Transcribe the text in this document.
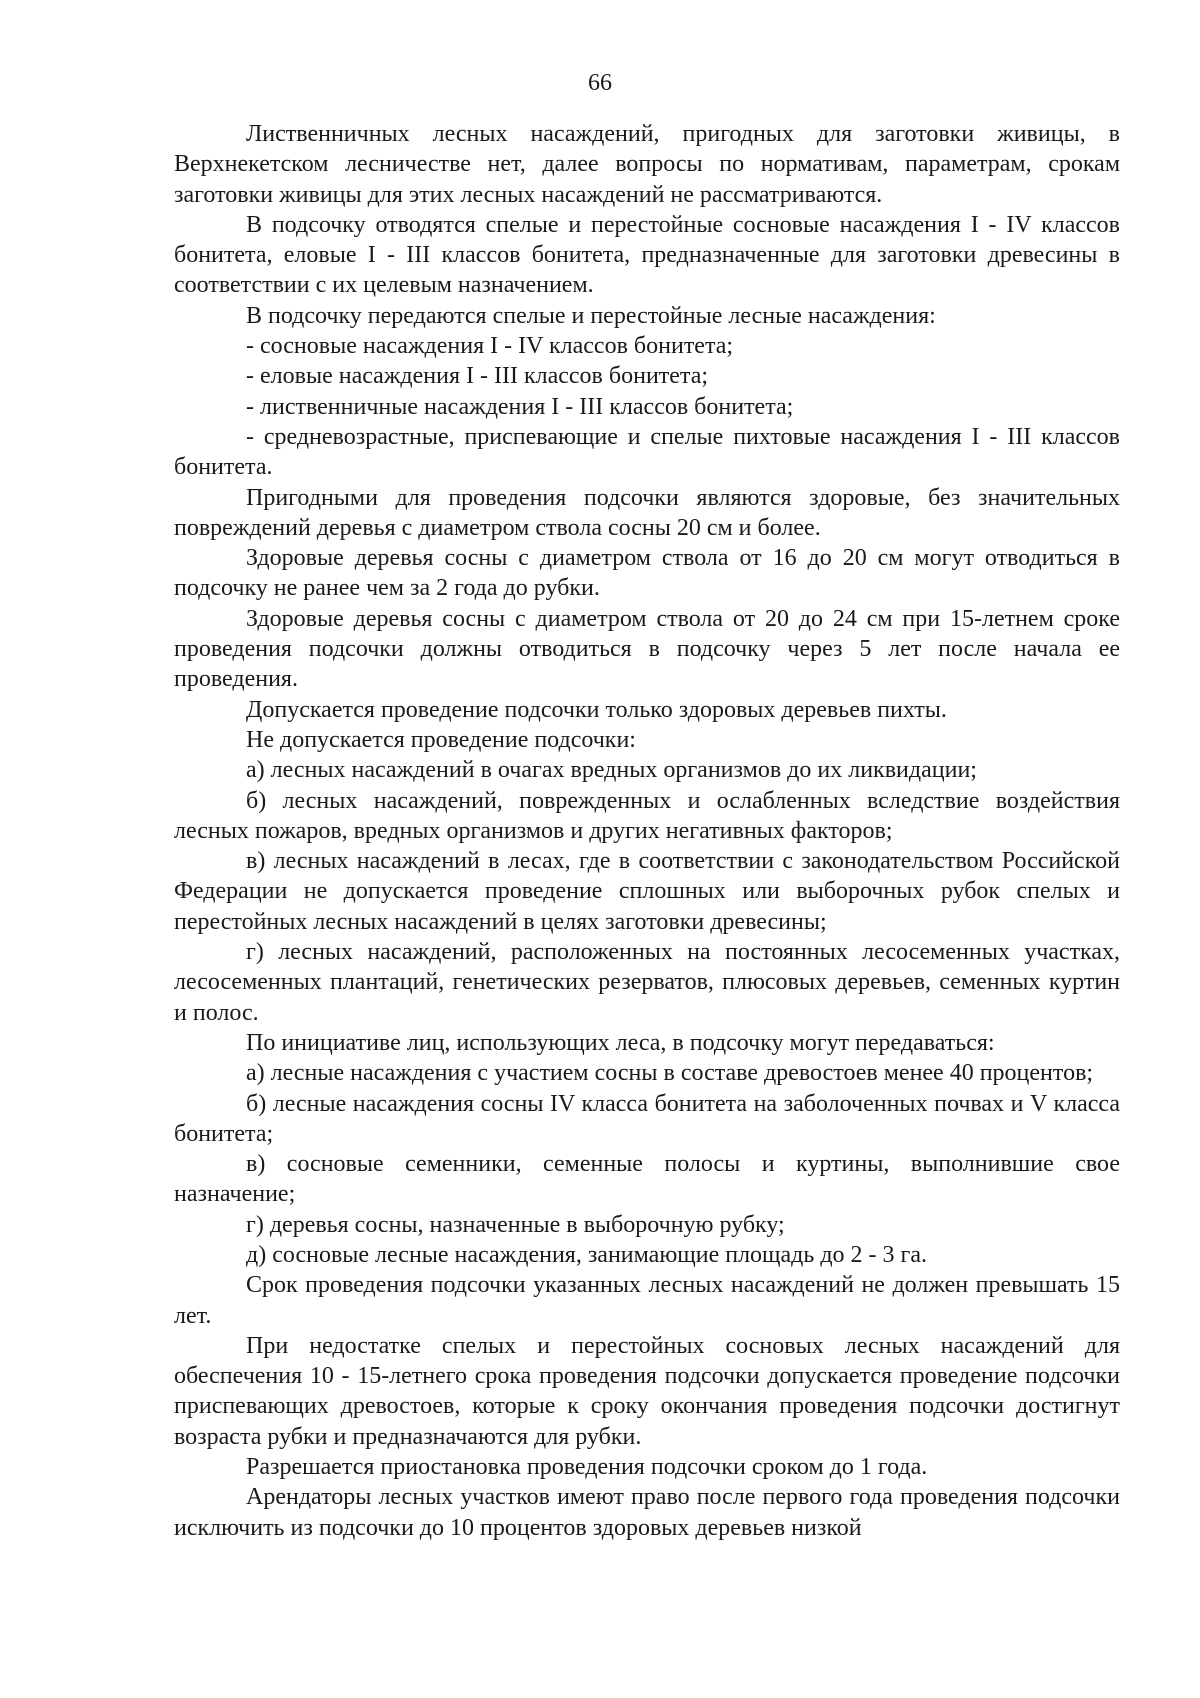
66

Лиственничных лесных насаждений, пригодных для заготовки живицы, в Верхнекетском лесничестве нет, далее вопросы по нормативам, параметрам, срокам заготовки живицы для этих лесных насаждений не рассматриваются.

В подсочку отводятся спелые и перестойные сосновые насаждения I - IV классов бонитета, еловые I - III классов бонитета, предназначенные для заготовки древесины в соответствии с их целевым назначением.

В подсочку передаются спелые и перестойные лесные насаждения:

- сосновые насаждения I - IV классов бонитета;

- еловые насаждения I - III классов бонитета;

- лиственничные насаждения I - III классов бонитета;

- средневозрастные, приспевающие и спелые пихтовые насаждения I - III классов бонитета.

Пригодными для проведения подсочки являются здоровые, без значительных повреждений деревья с диаметром ствола сосны 20 см и более.

Здоровые деревья сосны с диаметром ствола от 16 до 20 см могут отводиться в подсочку не ранее чем за 2 года до рубки.

Здоровые деревья сосны с диаметром ствола от 20 до 24 см при 15-летнем сроке проведения подсочки должны отводиться в подсочку через 5 лет после начала ее проведения.

Допускается проведение подсочки только здоровых деревьев пихты.

Не допускается проведение подсочки:

а) лесных насаждений в очагах вредных организмов до их ликвидации;

б) лесных насаждений, поврежденных и ослабленных вследствие воздействия лесных пожаров, вредных организмов и других негативных факторов;

в) лесных насаждений в лесах, где в соответствии с законодательством Российской Федерации не допускается проведение сплошных или выборочных рубок спелых и перестойных лесных насаждений в целях заготовки древесины;

г) лесных насаждений, расположенных на постоянных лесосеменных участках, лесосеменных плантаций, генетических резерватов, плюсовых деревьев, семенных куртин и полос.

По инициативе лиц, использующих леса, в подсочку могут передаваться:

а) лесные насаждения с участием сосны в составе древостоев менее 40 процентов;

б) лесные насаждения сосны IV класса бонитета на заболоченных почвах и V класса бонитета;

в) сосновые семенники, семенные полосы и куртины, выполнившие свое назначение;

г) деревья сосны, назначенные в выборочную рубку;

д) сосновые лесные насаждения, занимающие площадь до 2 - 3 га.

Срок проведения подсочки указанных лесных насаждений не должен превышать 15 лет.

При недостатке спелых и перестойных сосновых лесных насаждений для обеспечения 10 - 15-летнего срока проведения подсочки допускается проведение подсочки приспевающих древостоев, которые к сроку окончания проведения подсочки достигнут возраста рубки и предназначаются для рубки.

Разрешается приостановка проведения подсочки сроком до 1 года.

Арендаторы лесных участков имеют право после первого года проведения подсочки исключить из подсочки до 10 процентов здоровых деревьев низкой
